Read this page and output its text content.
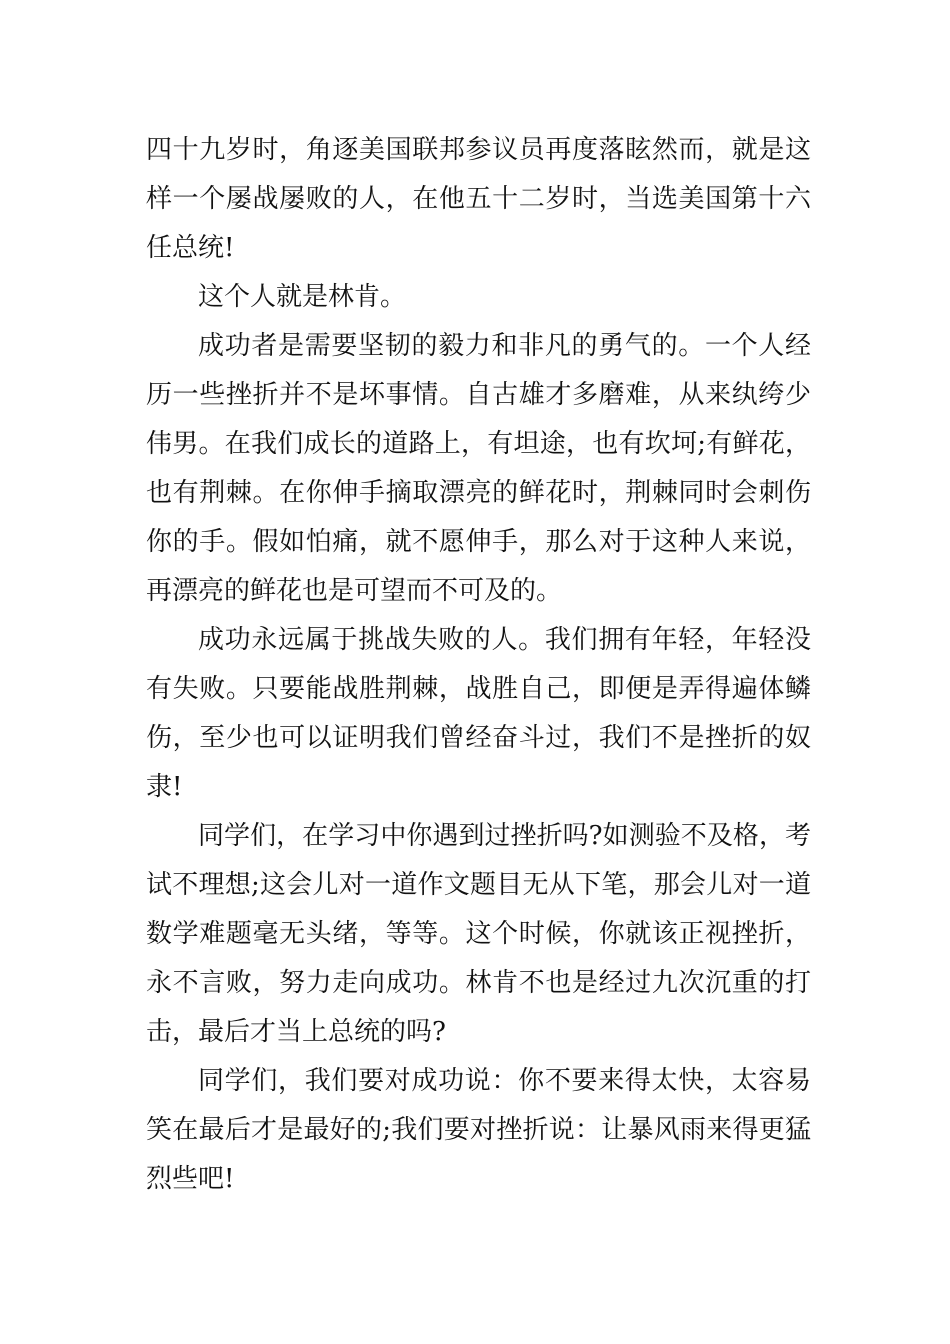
四十九岁时，角逐美国联邦参议员再度落眩然而，就是这样一个屡战屡败的人，在他五十二岁时，当选美国第十六任总统!

这个人就是林肯。

成功者是需要坚韧的毅力和非凡的勇气的。一个人经历一些挫折并不是坏事情。自古雄才多磨难，从来纨绔少伟男。在我们成长的道路上，有坦途，也有坎坷;有鲜花，也有荆棘。在你伸手摘取漂亮的鲜花时，荆棘同时会刺伤你的手。假如怕痛，就不愿伸手，那么对于这种人来说，再漂亮的鲜花也是可望而不可及的。

成功永远属于挑战失败的人。我们拥有年轻，年轻没有失败。只要能战胜荆棘，战胜自己，即便是弄得遍体鳞伤，至少也可以证明我们曾经奋斗过，我们不是挫折的奴隶!

同学们，在学习中你遇到过挫折吗?如测验不及格，考试不理想;这会儿对一道作文题目无从下笔，那会儿对一道数学难题毫无头绪，等等。这个时候，你就该正视挫折，永不言败，努力走向成功。林肯不也是经过九次沉重的打击，最后才当上总统的吗?

同学们，我们要对成功说：你不要来得太快，太容易笑在最后才是最好的;我们要对挫折说：让暴风雨来得更猛烈些吧!
